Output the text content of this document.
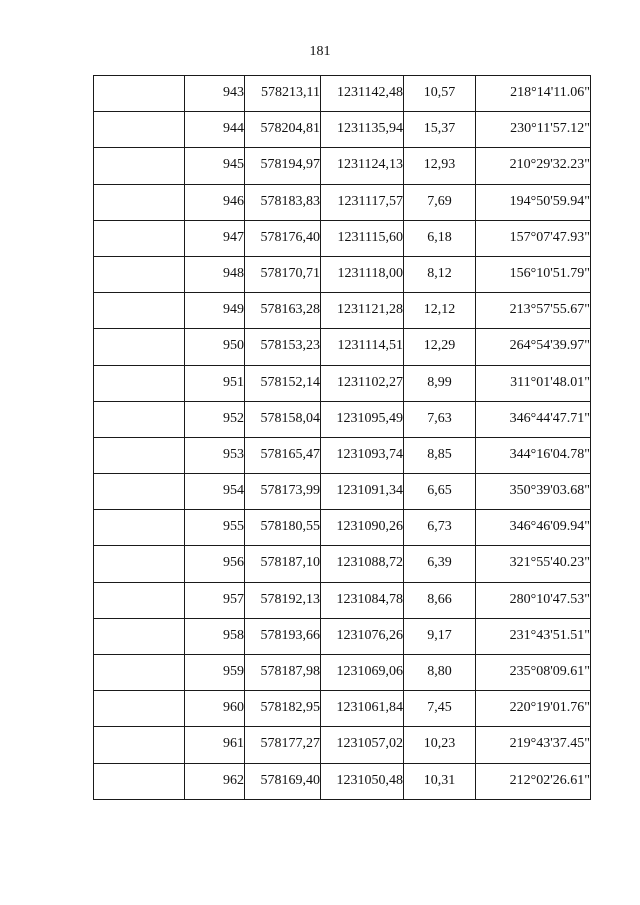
181
	943	578213,11	1231142,48	10,57	218°14'11.06"
	944	578204,81	1231135,94	15,37	230°11'57.12"
	945	578194,97	1231124,13	12,93	210°29'32.23"
	946	578183,83	1231117,57	7,69	194°50'59.94"
	947	578176,40	1231115,60	6,18	157°07'47.93"
	948	578170,71	1231118,00	8,12	156°10'51.79"
	949	578163,28	1231121,28	12,12	213°57'55.67"
	950	578153,23	1231114,51	12,29	264°54'39.97"
	951	578152,14	1231102,27	8,99	311°01'48.01"
	952	578158,04	1231095,49	7,63	346°44'47.71"
	953	578165,47	1231093,74	8,85	344°16'04.78"
	954	578173,99	1231091,34	6,65	350°39'03.68"
	955	578180,55	1231090,26	6,73	346°46'09.94"
	956	578187,10	1231088,72	6,39	321°55'40.23"
	957	578192,13	1231084,78	8,66	280°10'47.53"
	958	578193,66	1231076,26	9,17	231°43'51.51"
	959	578187,98	1231069,06	8,80	235°08'09.61"
	960	578182,95	1231061,84	7,45	220°19'01.76"
	961	578177,27	1231057,02	10,23	219°43'37.45"
	962	578169,40	1231050,48	10,31	212°02'26.61"
